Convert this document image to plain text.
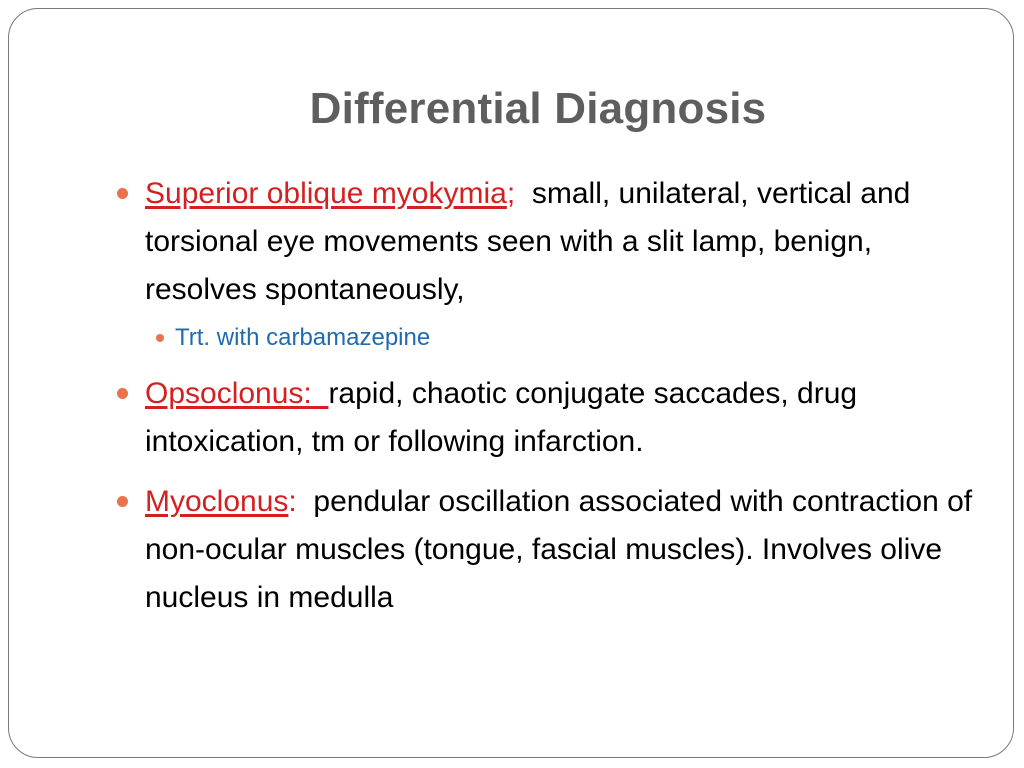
Differential Diagnosis
Superior oblique myokymia;  small, unilateral, vertical and torsional eye movements seen with a slit lamp, benign, resolves spontaneously,
Trt. with carbamazepine
Opsoclonus:  rapid, chaotic conjugate saccades, drug intoxication, tm or following infarction.
Myoclonus:  pendular oscillation associated with contraction of non-ocular muscles (tongue, fascial muscles). Involves olive nucleus in medulla
